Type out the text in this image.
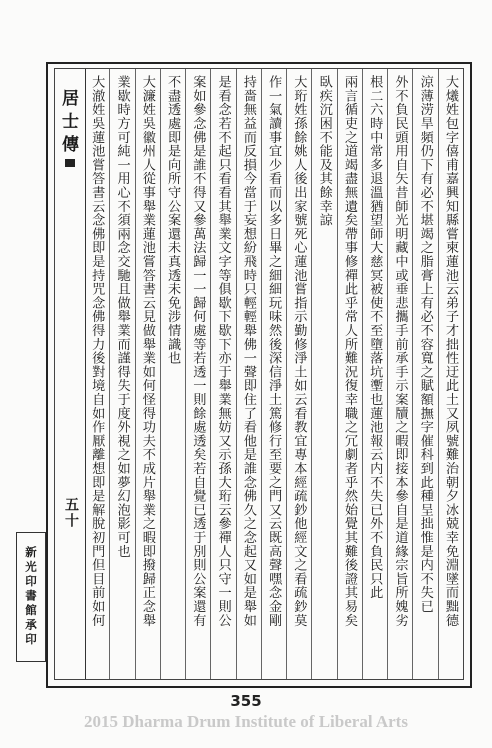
居士傳
五十	大爔姓包字僖甫嘉興知縣嘗柬蓮池云弟子才拙性迂此土又夙號難治朝夕冰兢幸免淵墜而黜德
涼薄涝旱頻仍下有必不堪竭之脂膏上有必不容寬之賦額撫字催科到此種呈拙惟是内不失已
外不負民頭用自矢昔師光明藏中或垂悲攜手前承手示案牘之暇即接本參自是道緣宗旨所媿劣
根二六時中常多退溫猶望師大慈冥被使不至墮落坑壍也蓮池報云内不失已外不負民只此
兩言循吏之道竭盡無遺矣帶事修禪此乎常人所難況復幸職之冗劇者乎然始覺其難後證其易矣
臥疾沉困不能及其餘幸諒
大珩姓孫餘姚人後出家號死心蓮池嘗指示勤修淨土如云看教宜專本經疏鈔他經文之看疏鈔莫
作一氣讀事宜少看而以多日畢之細細玩味然後深信淨土篤修行至要之門又云既高聲嘿念金剛
持嗇無益而反損今當于妄想紛飛時只輕輕舉佛一聲即住了看他是誰念佛久之念起又如是舉如
是看念若不起只看看其舉業文字等俱歇下歇下亦于舉業無妨又示孫大珩云參禪人只守一則公
案如參念佛是誰不得又參萬法歸一一歸何處等若透一則餘處透矣若自覺已透于別則公案還有
不盡透處即是向所守公案還未真透未免涉情識也
大濂姓吳徽州人從事舉業蓮池嘗答書云見做舉業如何怪得功夫不成片舉業之暇即撥歸正念舉
業歇時方可純一用心不須兩念交馳且做舉業而謹得失于度外視之如夢幻泡影可也
大澈姓吳蓮池嘗答書云念佛即是持咒念佛得力後對境自如作厭離想即是解脫初門但目前如何
新光印書館承印
355
2015 Dharma Drum Institute of Liberal Arts
